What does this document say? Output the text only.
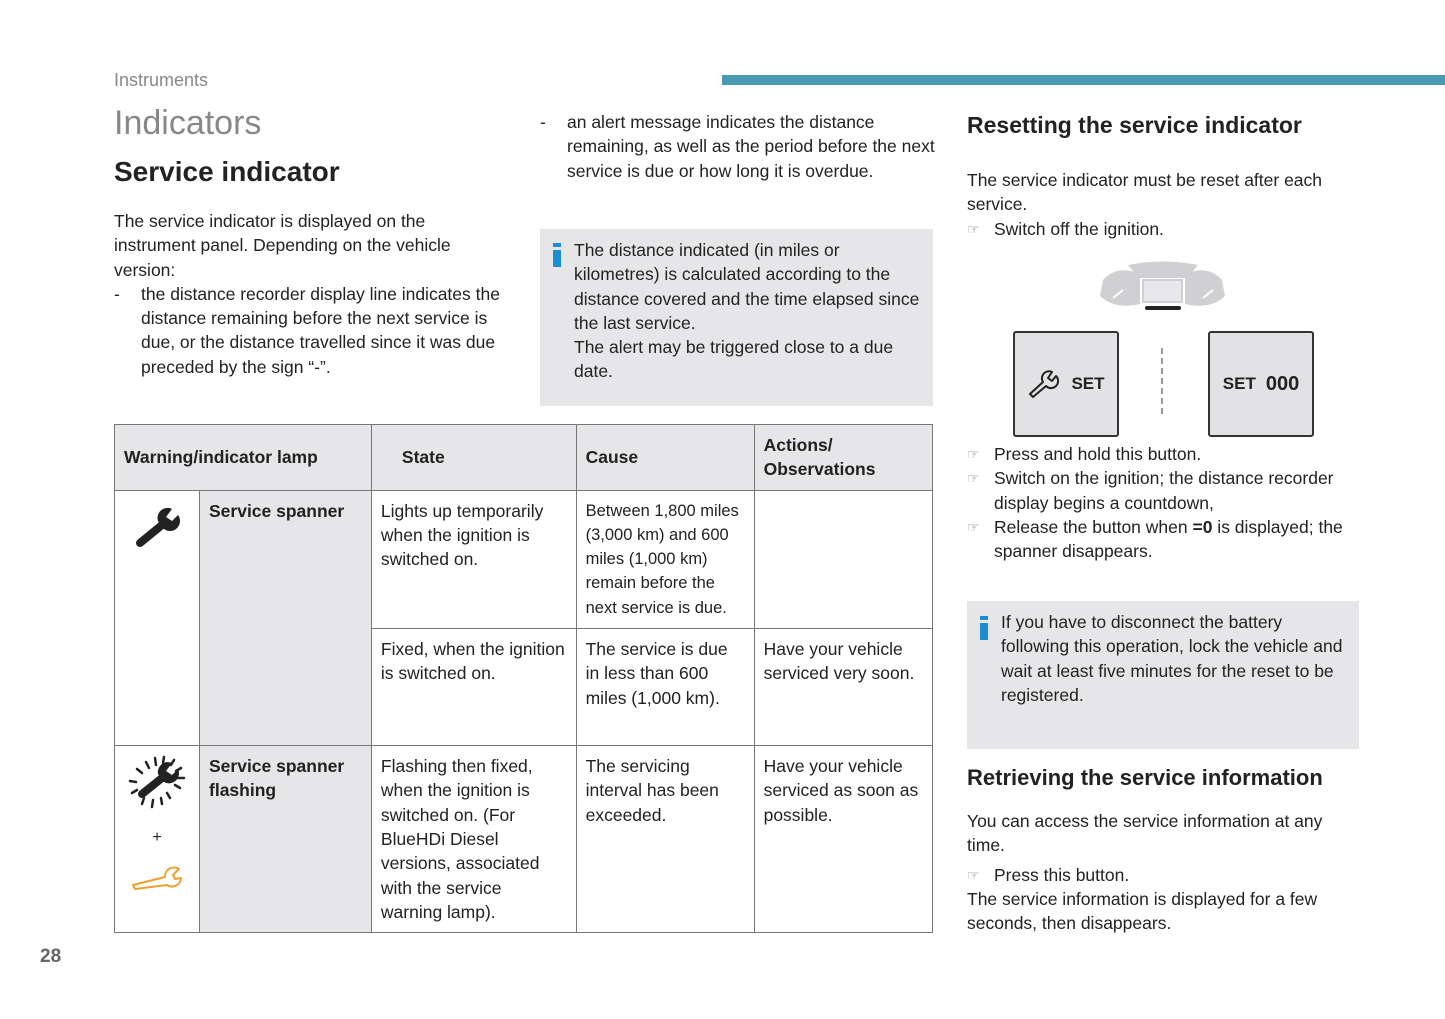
Instruments
Indicators
Service indicator

The service indicator is displayed on the instrument panel. Depending on the vehicle version:

-	the distance recorder display line indicates the distance remaining before the next service is due, or the distance travelled since it was due preceded by the sign “-”.
-	an alert message indicates the distance remaining, as well as the period before the next service is due or how long it is overdue.

The distance indicated (in miles or kilometres) is calculated according to the distance covered and the time elapsed since the last service.

The alert may be triggered close to a due date.

Warning/indicator lamp		State	Cause	Actions/ Observations
	Service spanner	Lights up temporarily when the ignition is switched on.	Between 1,800 miles (3,000 km) and 600 miles (1,000 km) remain before the next service is due.	
		Fixed, when the ignition is switched on.	The service is due in less than 600 miles (1,000 km).	Have your vehicle serviced very soon.

+	Service spanner flashing	Flashing then fixed, when the ignition is switched on. (For BlueHDi Diesel versions, associated with the service warning lamp).	The servicing interval has been exceeded.	Have your vehicle serviced as soon as possible.
Resetting the service indicator

The service indicator must be reset after each service.

☞ Switch off the ignition.
SET	SET 000
☞ Press and hold this button.
☞ Switch on the ignition; the distance recorder display begins a countdown,
☞ Release the button when =0 is displayed; the spanner disappears.

If you have to disconnect the battery following this operation, lock the vehicle and wait at least five minutes for the reset to be registered.

Retrieving the service information

You can access the service information at any time.

☞ Press this button.

The service information is displayed for a few seconds, then disappears.

28
